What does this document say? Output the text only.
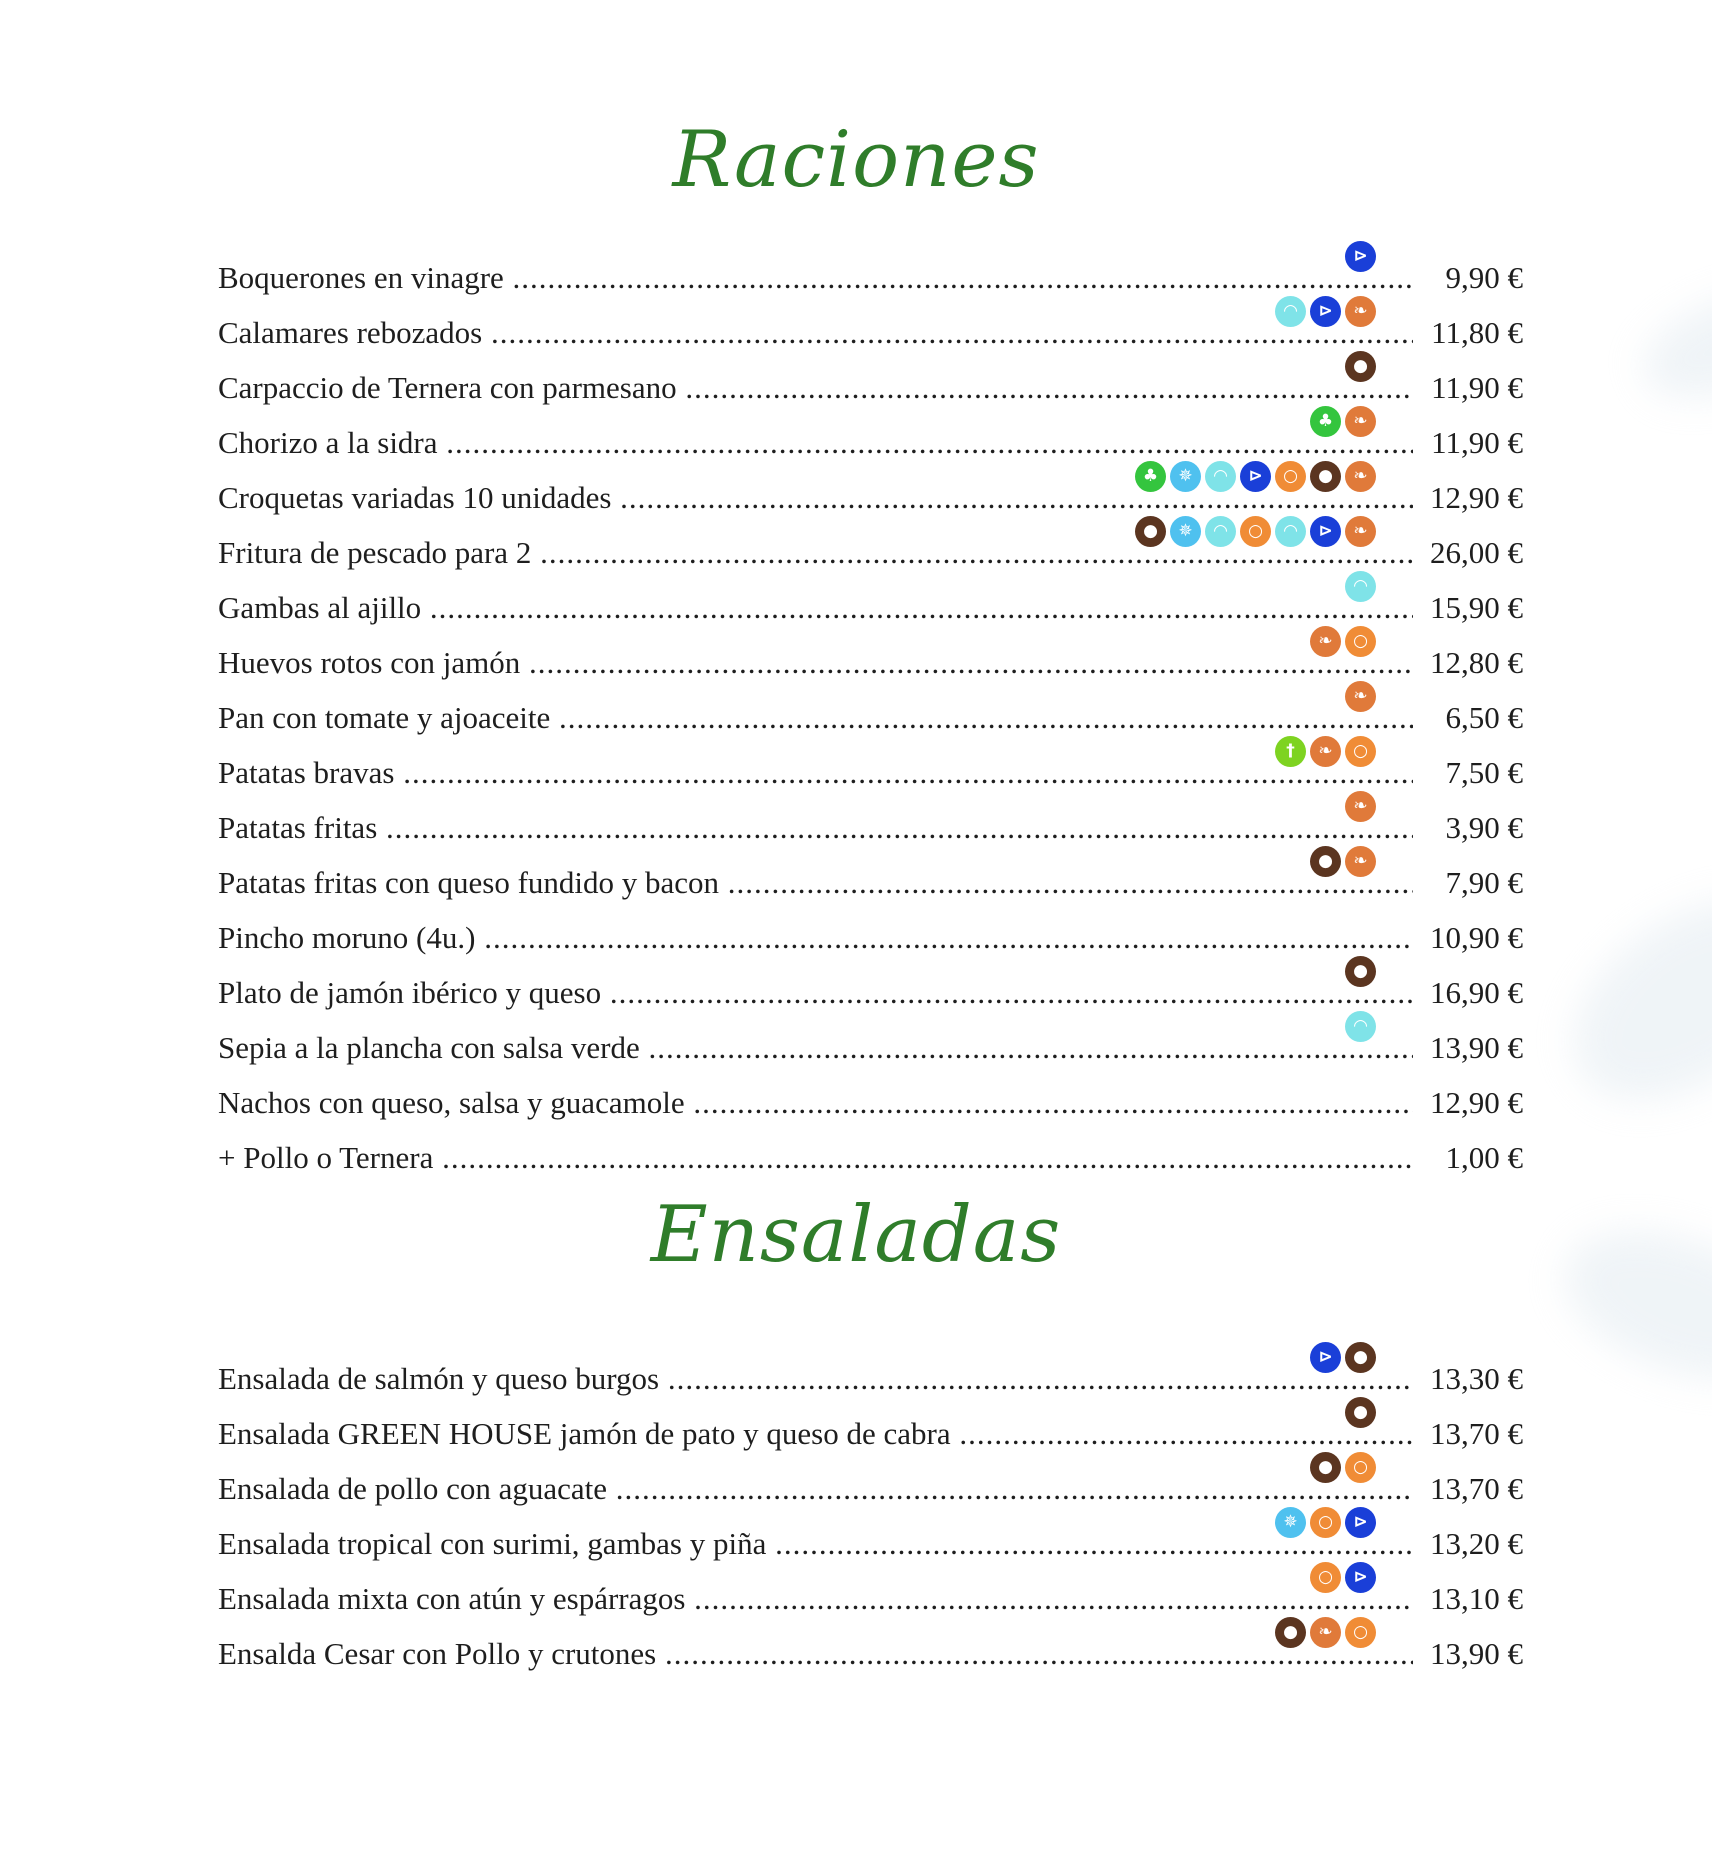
Raciones
Boquerones en vinagre .....
⊳
9,90 €
Calamares rebozados .....
◠	⊳	❧
11,80 €
Carpaccio de Ternera con parmesano .....
●
11,90 €
Chorizo a la sidra .....
♣	❧
11,90 €
Croquetas variadas 10 unidades .....
♣	✵	◠	⊳	○	●	❧
12,90 €
Fritura de pescado para 2 .....
●	✵	◠	○	◠	⊳	❧
26,00 €
Gambas al ajillo .....
◠
15,90 €
Huevos rotos con jamón .....
❧	○
12,80 €
Pan con tomate y ajoaceite .....
❧
6,50 €
Patatas bravas .....
†	❧	○
7,50 €
Patatas fritas .....
❧
3,90 €
Patatas fritas con queso fundido y bacon .....
●	❧
7,90 €
Pincho moruno (4u.) .....	10,90 €
Plato de jamón ibérico y queso .....
●
16,90 €
Sepia a la plancha con salsa verde .....
◠
13,90 €
Nachos con queso, salsa y guacamole .....	12,90 €
+ Pollo o Ternera .....	1,00 €
Ensaladas
Ensalada de salmón y queso burgos .....
⊳	●
13,30 €
Ensalada GREEN HOUSE jamón de pato y queso de cabra .....
●
13,70 €
Ensalada de pollo con aguacate .....
●	○
13,70 €
Ensalada tropical con surimi, gambas y piña .....
✵	○	⊳
13,20 €
Ensalada mixta con atún y espárragos .....
○	⊳
13,10 €
Ensalda Cesar con Pollo y crutones .....
●	❧	○
13,90 €
